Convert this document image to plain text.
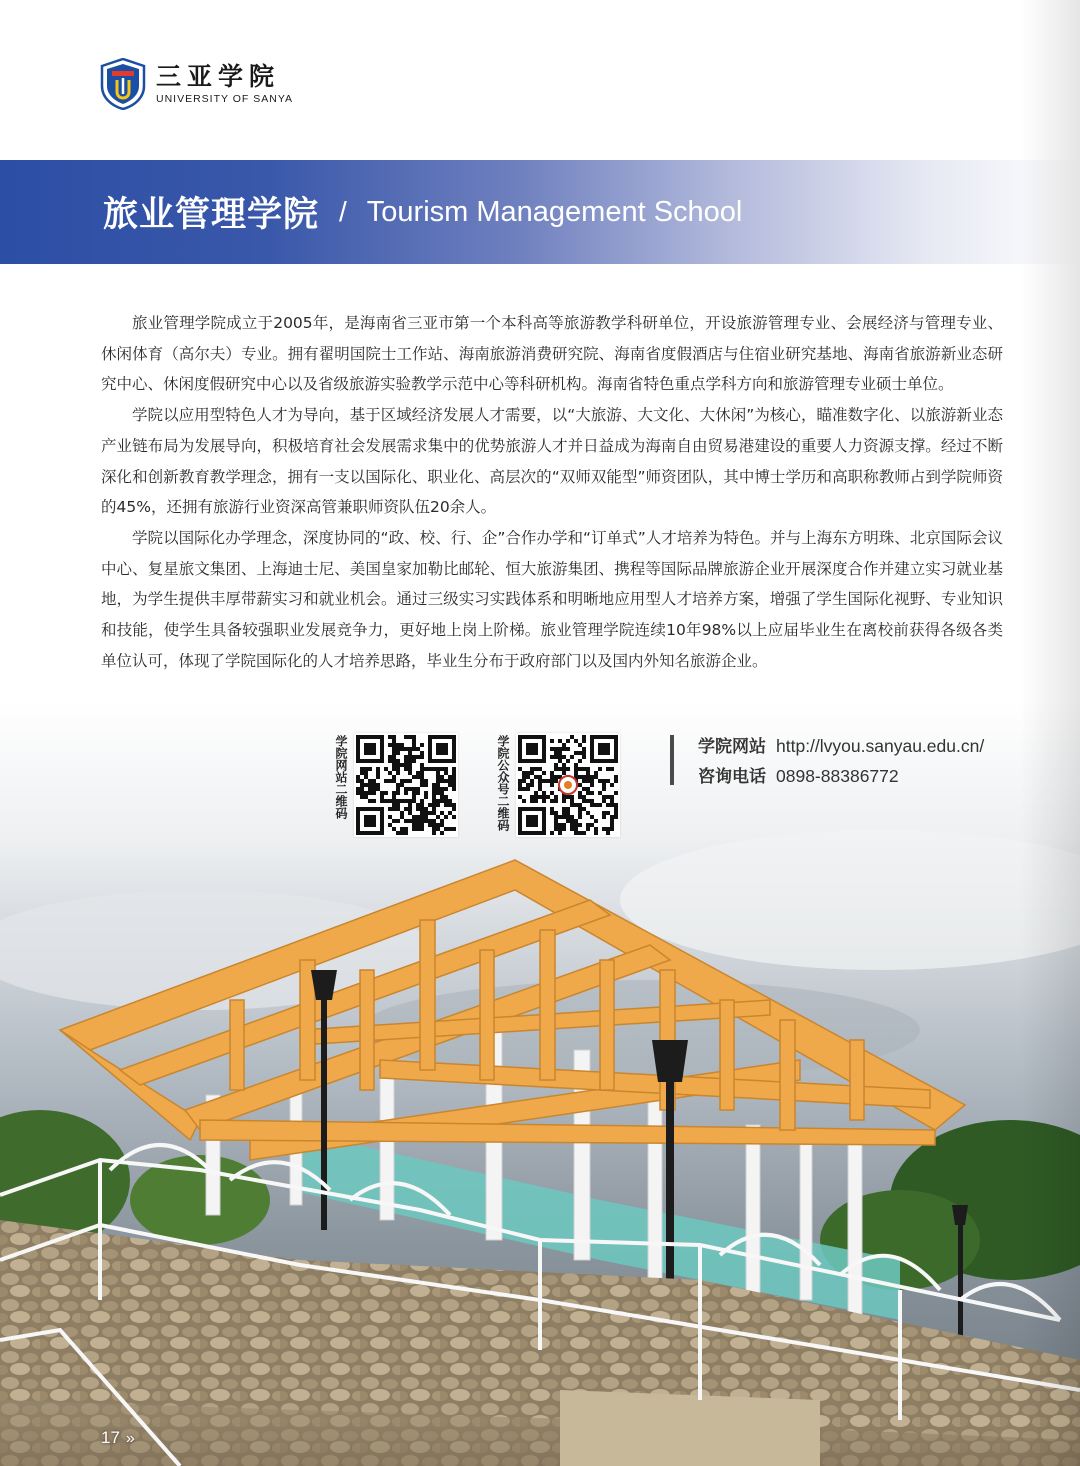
三亚学院
UNIVERSITY OF SANYA
旅业管理学院 / Tourism Management School

旅业管理学院成立于2005年，是海南省三亚市第一个本科高等旅游教学科研单位，开设旅游管理专业、会展经济与管理专业、休闲体育（高尔夫）专业。拥有翟明国院士工作站、海南旅游消费研究院、海南省度假酒店与住宿业研究基地、海南省旅游新业态研究中心、休闲度假研究中心以及省级旅游实验教学示范中心等科研机构。海南省特色重点学科方向和旅游管理专业硕士单位。

学院以应用型特色人才为导向，基于区域经济发展人才需要，以“大旅游、大文化、大休闲”为核心，瞄准数字化、以旅游新业态产业链布局为发展导向，积极培育社会发展需求集中的优势旅游人才并日益成为海南自由贸易港建设的重要人力资源支撑。经过不断深化和创新教育教学理念，拥有一支以国际化、职业化、高层次的“双师双能型”师资团队，其中博士学历和高职称教师占到学院师资的45%，还拥有旅游行业资深高管兼职师资队伍20余人。

学院以国际化办学理念，深度协同的“政、校、行、企”合作办学和“订单式”人才培养为特色。并与上海东方明珠、北京国际会议中心、复星旅文集团、上海迪士尼、美国皇家加勒比邮轮、恒大旅游集团、携程等国际品牌旅游企业开展深度合作并建立实习就业基地，为学生提供丰厚带薪实习和就业机会。通过三级实习实践体系和明晰地应用型人才培养方案，增强了学生国际化视野、专业知识和技能，使学生具备较强职业发展竞争力，更好地上岗上阶梯。旅业管理学院连续10年98%以上应届毕业生在离校前获得各级各类单位认可，体现了学院国际化的人才培养思路，毕业生分布于政府部门以及国内外知名旅游企业。

学院网站二维码	学院公众号二维码	学院网站 http://lvyou.sanyau.edu.cn/
咨询电话 0898-88386772
17 »
